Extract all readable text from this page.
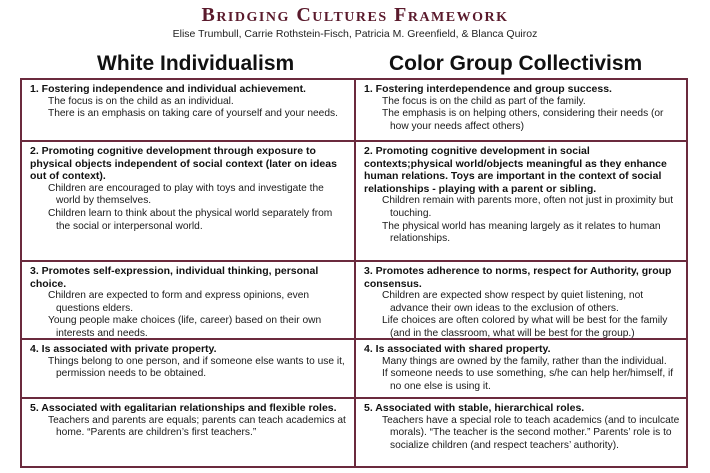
Bridging Cultures Framework
Elise Trumbull, Carrie Rothstein-Fisch, Patricia M. Greenfield, & Blanca Quiroz
White Individualism	Color Group Collectivism
1. Fostering independence and individual achievement.
The focus is on the child as an individual.
There is an emphasis on taking care of yourself and your needs.
1. Fostering interdependence and group success.
The focus is on the child as part of the family.
The emphasis is on helping others, considering their needs (or how your needs affect others)
2. Promoting cognitive development through exposure to physical objects independent of social context (later on ideas out of context).
Children are encouraged to play with toys and investigate the world by themselves.
Children learn to think about the physical world separately from the social or interpersonal world.
2. Promoting cognitive development in social contexts;physical world/objects meaningful as they enhance human relations. Toys are important in the context of social relationships - playing with a parent or sibling.
Children remain with parents more, often not just in proximity but touching.
The physical world has meaning largely as it relates to human relationships.
3. Promotes self-expression, individual thinking, personal choice.
Children are expected to form and express opinions, even questions elders.
Young people make choices (life, career) based on their own interests and needs.
3. Promotes adherence to norms, respect for Authority, group consensus.
Children are expected show respect by quiet listening, not advance their own ideas to the exclusion of others.
Life choices are often colored by what will be best for the family (and in the classroom, what will be best for the group.)
4. Is associated with private property.
Things belong to one person, and if someone else wants to use it, permission needs to be obtained.
4. Is associated with shared property.
Many things are owned by the family, rather than the individual.
If someone needs to use something, s/he can help her/himself, if no one else is using it.
5. Associated with egalitarian relationships and flexible roles.
Teachers and parents are equals; parents can teach academics at home. “Parents are children’s first teachers.”
5. Associated with stable, hierarchical roles.
Teachers have a special role to teach academics (and to inculcate morals). “The teacher is the second mother.” Parents’ role is to socialize children (and respect teachers’ authority).
